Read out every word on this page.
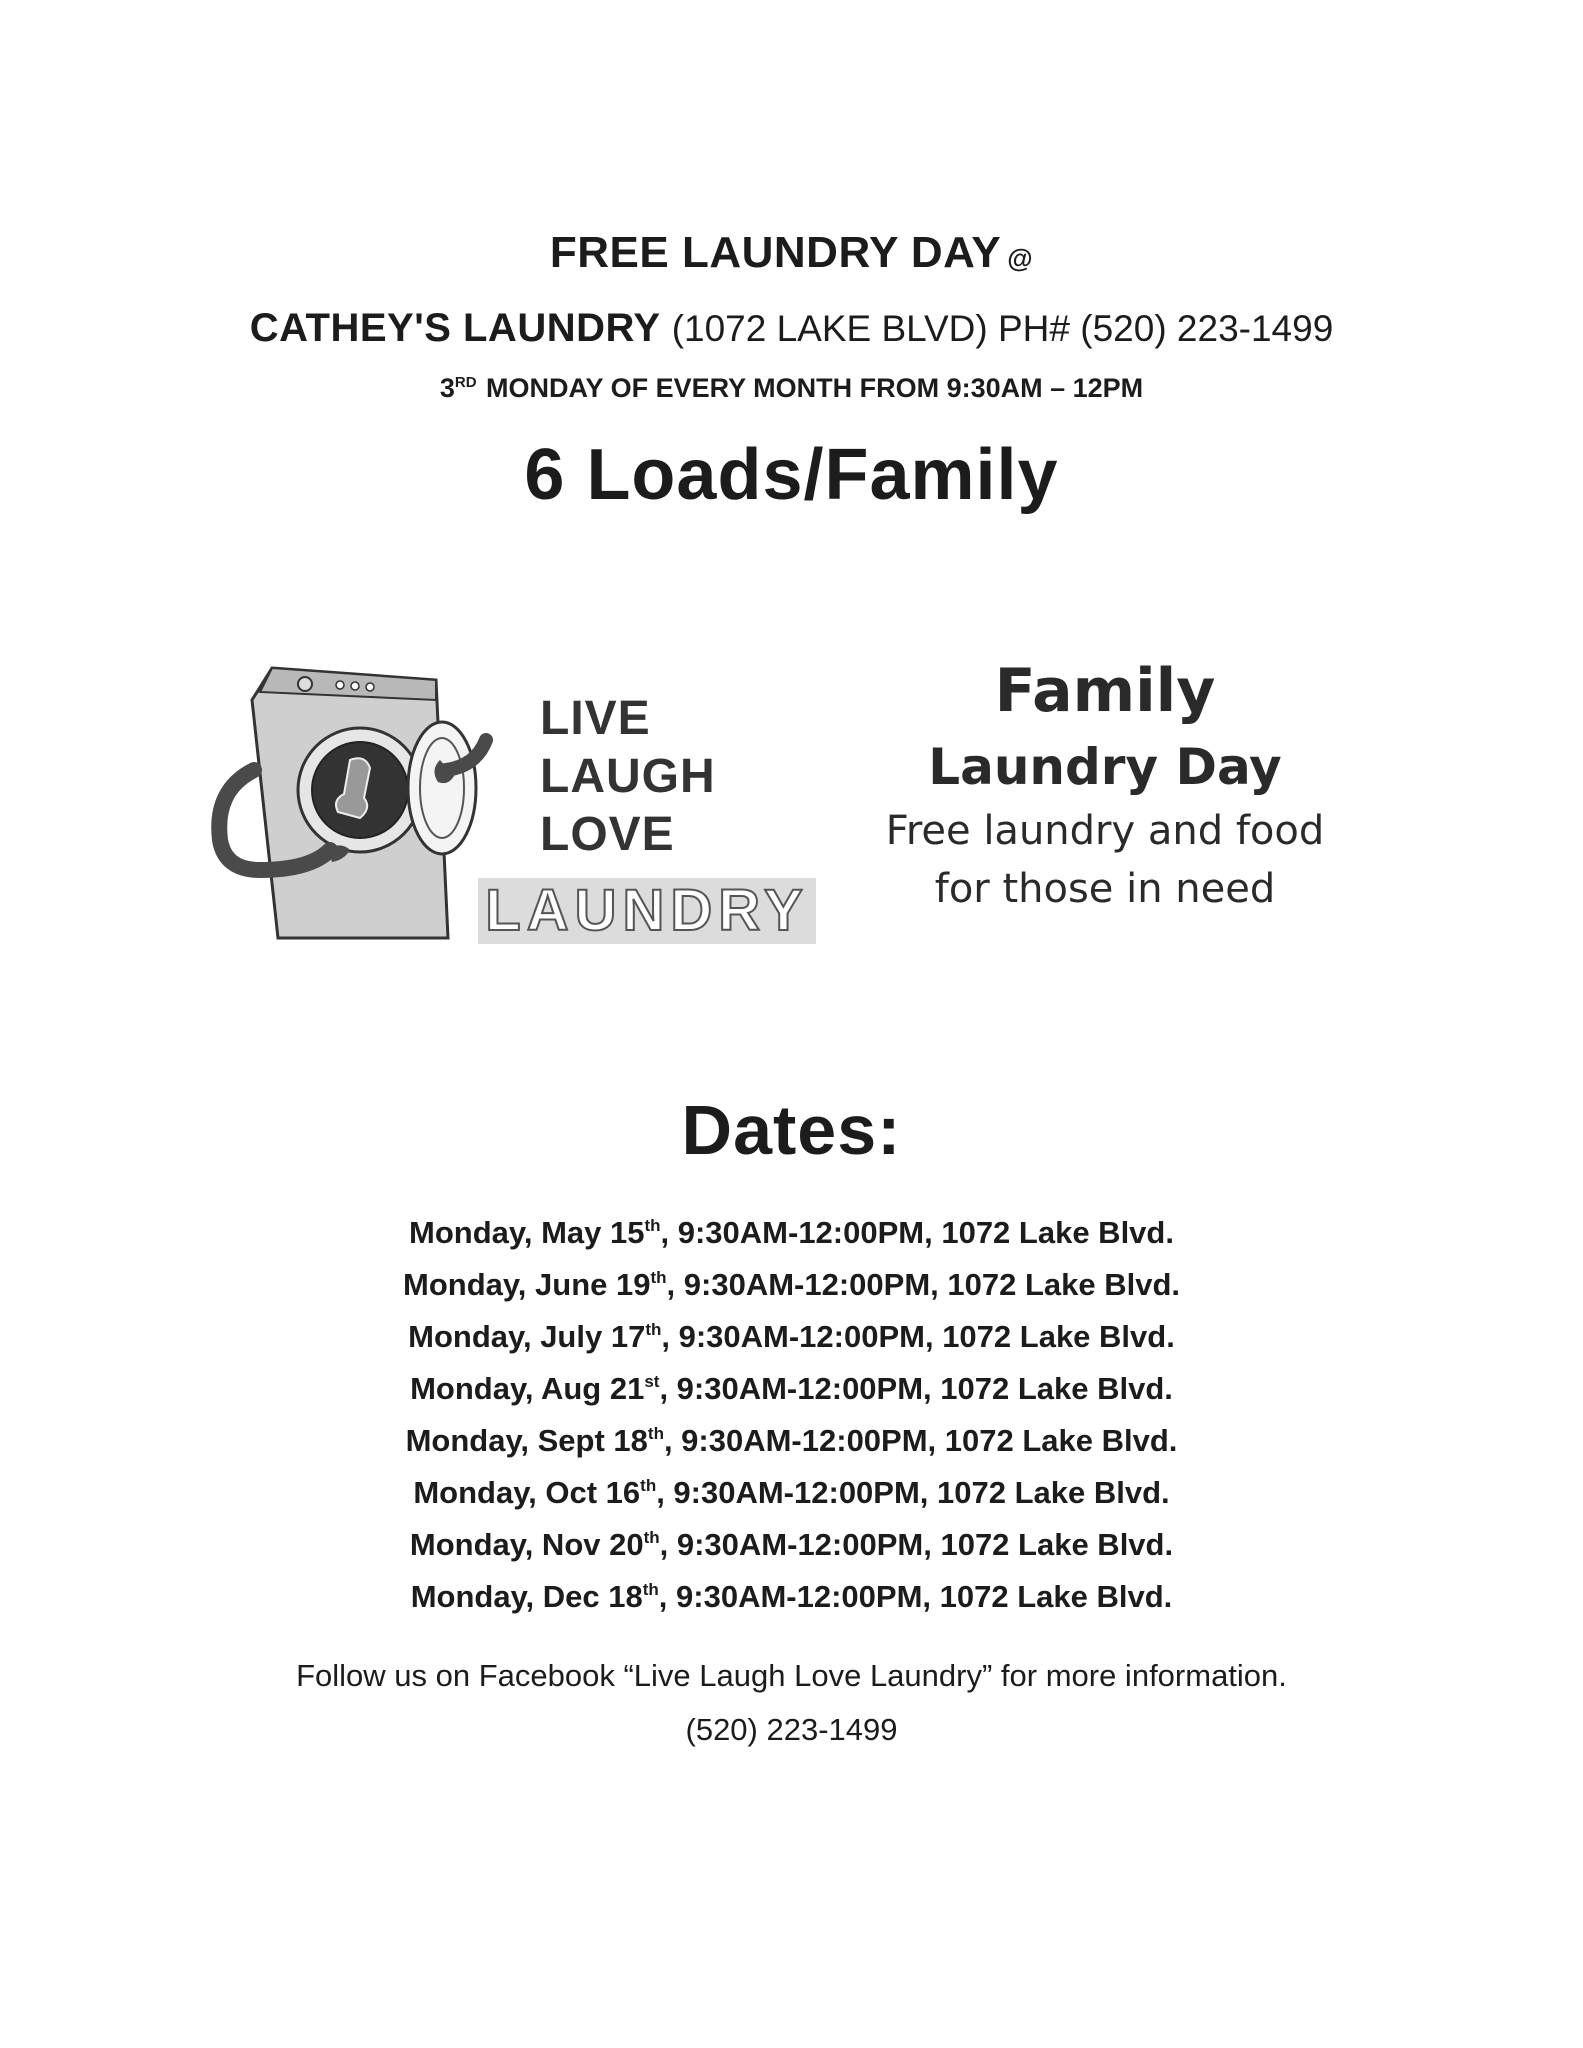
FREE LAUNDRY DAY @
CATHEY'S LAUNDRY (1072 LAKE BLVD) PH# (520) 223-1499
3RD MONDAY OF EVERY MONTH FROM 9:30AM – 12PM
6 Loads/Family
LIVE
LAUGH
LOVE
LAUNDRY
Family
Laundry Day
Free laundry and food
for those in need
Dates:
Monday, May 15th, 9:30AM-12:00PM, 1072 Lake Blvd.
Monday, June 19th, 9:30AM-12:00PM, 1072 Lake Blvd.
Monday, July 17th, 9:30AM-12:00PM, 1072 Lake Blvd.
Monday, Aug 21st, 9:30AM-12:00PM, 1072 Lake Blvd.
Monday, Sept 18th, 9:30AM-12:00PM, 1072 Lake Blvd.
Monday, Oct 16th, 9:30AM-12:00PM, 1072 Lake Blvd.
Monday, Nov 20th, 9:30AM-12:00PM, 1072 Lake Blvd.
Monday, Dec 18th, 9:30AM-12:00PM, 1072 Lake Blvd.
Follow us on Facebook “Live Laugh Love Laundry” for more information.
(520) 223-1499
